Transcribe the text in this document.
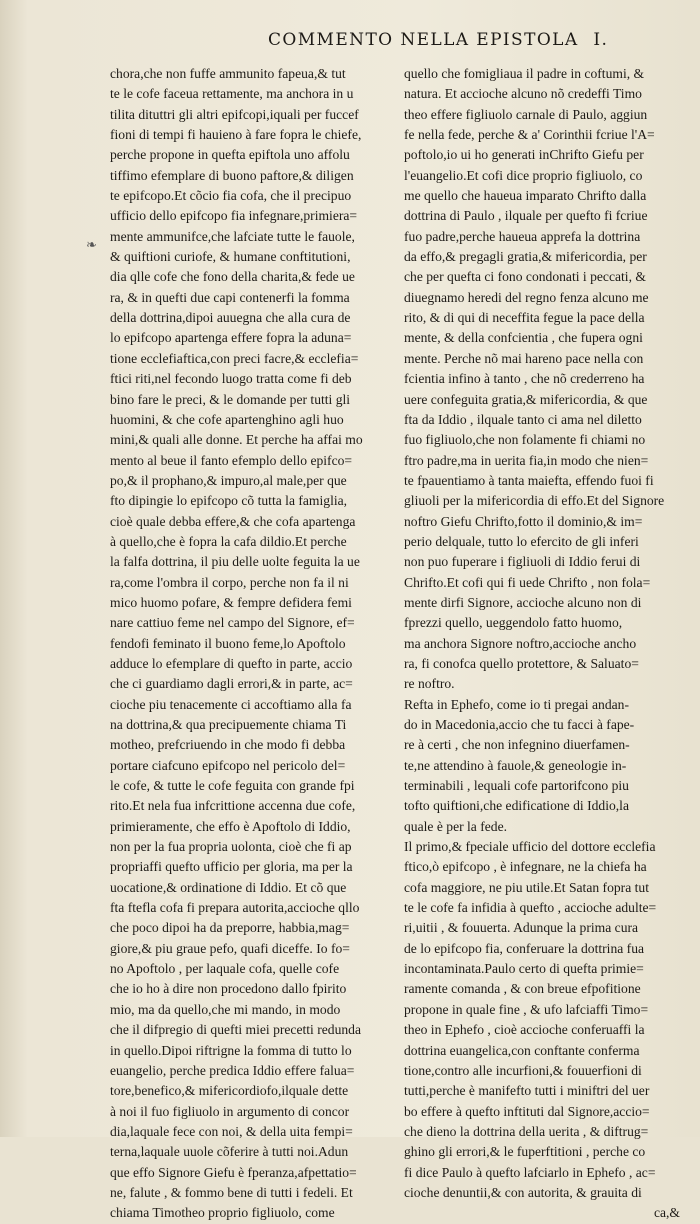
COMMENTO NELLA EPISTOLA I.
❧
chora,che non fuffe ammunito fapeua,& tut
te le cofe faceua rettamente, ma anchora in u
tilita dituttri gli altri epifcopi,iquali per fuccef
fioni di tempi fi hauieno à fare fopra le chiefe,
perche propone in quefta epiftola uno affolu
tiffimo efemplare di buono paftore,& diligen
te epifcopo.Et cõcio fia cofa, che il precipuo
ufficio dello epifcopo fia infegnare,primiera=
mente ammunifce,che lafciate tutte le fauole,
& quiftioni curiofe, & humane conftitutioni,
dia qlle cofe che fono della charita,& fede ue
ra, & in quefti due capi contenerfi la fomma
della dottrina,dipoi auuegna che alla cura de
lo epifcopo apartenga effere fopra la aduna=
tione ecclefiaftica,con preci facre,& ecclefia=
ftici riti,nel fecondo luogo tratta come fi deb
bino fare le preci, & le domande per tutti gli
huomini, & che cofe apartenghino agli huo
mini,& quali alle donne. Et perche ha affai mo
mento al beue il fanto efemplo dello epifco=
po,& il prophano,& impuro,al male,per que
fto dipingie lo epifcopo cõ tutta la famiglia,
cioè quale debba effere,& che cofa apartenga
à quello,che è fopra la cafa dildio.Et perche
la falfa dottrina, il piu delle uolte feguita la ue
ra,come l'ombra il corpo, perche non fa il ni
mico huomo pofare, & fempre defidera femi
nare cattiuo feme nel campo del Signore, ef=
fendofi feminato il buono feme,lo Apoftolo
adduce lo efemplare di quefto in parte, accio
che ci guardiamo dagli errori,& in parte, ac=
cioche piu tenacemente ci accoftiamo alla fa
na dottrina,& qua precipuemente chiama Ti
motheo, prefcriuendo in che modo fi debba
portare ciafcuno epifcopo nel pericolo del=
le cofe, & tutte le cofe feguita con grande fpi
rito.Et nela fua infcrittione accenna due cofe,
primieramente, che effo è Apoftolo di Iddio,
non per la fua propria uolonta, cioè che fi ap
propriaffi quefto ufficio per gloria, ma per la
uocatione,& ordinatione di Iddio. Et cõ que
fta ftefla cofa fi prepara autorita,accioche qllo
che poco dipoi ha da preporre, habbia,mag=
giore,& piu graue pefo, quafi diceffe. Io fo=
no Apoftolo , per laquale cofa, quelle cofe
che io ho à dire non procedono dallo fpirito
mio, ma da quello,che mi mando, in modo
che il difpregio di quefti miei precetti redunda
in quello.Dipoi riftrigne la fomma di tutto lo
euangelio, perche predica Iddio effere falua=
tore,benefico,& mifericordiofo,ilquale dette
à noi il fuo figliuolo in argumento di concor
dia,laquale fece con noi, & della uita fempi=
terna,laquale uuole cõferire à tutti noi.Adun
que effo Signore Giefu è fperanza,afpettatio=
ne, falute , & fommo bene di tutti i fedeli. Et
chiama Timotheo proprio figliuolo, come
quello che fomigliaua il padre in coftumi, &
natura. Et accioche alcuno nõ credeffi Timo
theo effere figliuolo carnale di Paulo, aggiun
fe nella fede, perche & a' Corinthii fcriue l'A=
poftolo,io ui ho generati inChrifto Giefu per
l'euangelio.Et cofi dice proprio figliuolo, co
me quello che haueua imparato Chrifto dalla
dottrina di Paulo , ilquale per quefto fi fcriue
fuo padre,perche haueua apprefa la dottrina
da effo,& pregagli gratia,& mifericordia, per
che per quefta ci fono condonati i peccati, &
diuegnamo heredi del regno fenza alcuno me
rito, & di qui di neceffita fegue la pace della
mente, & della confcientia , che fupera ogni
mente. Perche nõ mai hareno pace nella con
fcientia infino à tanto , che nõ crederreno ha
uere confeguita gratia,& mifericordia, & que
fta da Iddio , ilquale tanto ci ama nel diletto
fuo figliuolo,che non folamente fi chiami no
ftro padre,ma in uerita fia,in modo che nien=
te fpauentiamo à tanta maiefta, effendo fuoi fi
gliuoli per la mifericordia di effo.Et del Signore
noftro Giefu Chrifto,fotto il dominio,& im=
perio delquale, tutto lo efercito de gli inferi
non puo fuperare i figliuoli di Iddio ferui di
Chrifto.Et cofi qui fi uede Chrifto , non fola=
mente dirfi Signore, accioche alcuno non di
fprezzi quello, ueggendolo fatto huomo,
ma anchora Signore noftro,accioche ancho
ra, fi conofca quello protettore, & Saluato=
re noftro.
Refta in Ephefo, come io ti pregai andan-
do in Macedonia,accio che tu facci à fape-
re à certi , che non infegnino diuerfamen-
te,ne attendino à fauole,& geneologie in-
terminabili , lequali cofe partorifcono piu
tofto quiftioni,che edificatione di Iddio,la
quale è per la fede.
Il primo,& fpeciale ufficio del dottore ecclefia
ftico,ò epifcopo , è infegnare, ne la chiefa ha
cofa maggiore, ne piu utile.Et Satan fopra tut
te le cofe fa infidia à quefto , accioche adulte=
ri,uitii , & fouuerta. Adunque la prima cura
de lo epifcopo fia, conferuare la dottrina fua
incontaminata.Paulo certo di quefta primie=
ramente comanda , & con breue efpofitione
propone in quale fine , & ufo lafciaffi Timo=
theo in Ephefo , cioè accioche conferuaffi la
dottrina euangelica,con conftante conferma
tione,contro alle incurfioni,& fouuerfioni di
tutti,perche è manifefto tutti i miniftri del uer
bo effere à quefto inftituti dal Signore,accio=
che dieno la dottrina della uerita , & diftrug=
ghino gli errori,& le fuperftitioni , perche co
fi dice Paulo à quefto lafciarlo in Ephefo , ac=
cioche denuntii,& con autorita, & grauita di
ca,&
